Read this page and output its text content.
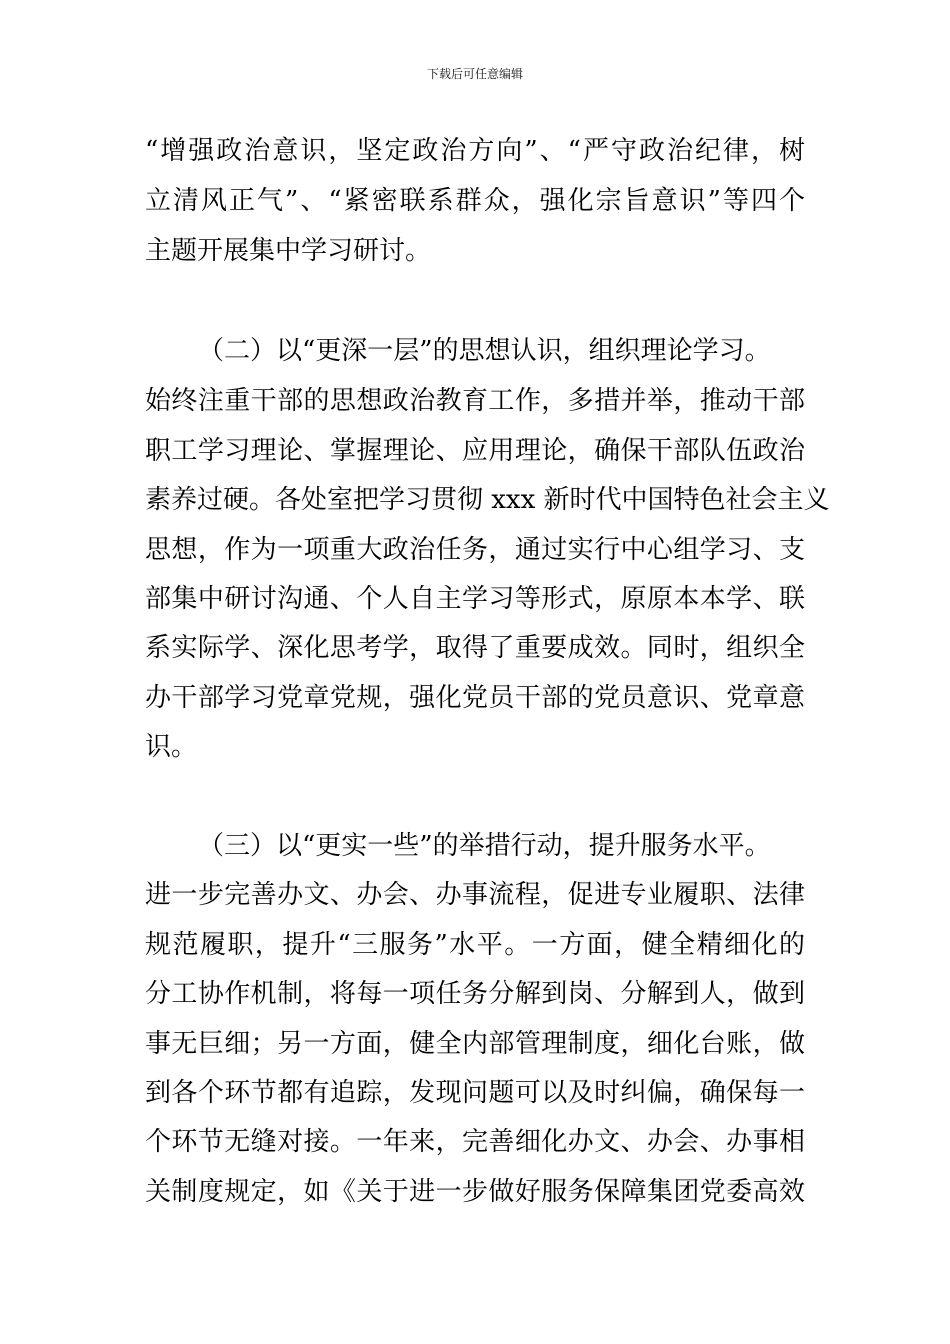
下载后可任意编辑
“增强政治意识，坚定政治方向”、“严守政治纪律，树
立清风正气”、“紧密联系群众，强化宗旨意识”等四个
主题开展集中学习研讨。
（二）以“更深一层”的思想认识，组织理论学习。
始终注重干部的思想政治教育工作，多措并举，推动干部
职工学习理论、掌握理论、应用理论，确保干部队伍政治
素养过硬。各处室把学习贯彻 xxx 新时代中国特色社会主义
思想，作为一项重大政治任务，通过实行中心组学习、支
部集中研讨沟通、个人自主学习等形式，原原本本学、联
系实际学、深化思考学，取得了重要成效。同时，组织全
办干部学习党章党规，强化党员干部的党员意识、党章意
识。
（三）以“更实一些”的举措行动，提升服务水平。
进一步完善办文、办会、办事流程，促进专业履职、法律
规范履职，提升“三服务”水平。一方面，健全精细化的
分工协作机制，将每一项任务分解到岗、分解到人，做到
事无巨细；另一方面，健全内部管理制度，细化台账，做
到各个环节都有追踪，发现问题可以及时纠偏，确保每一
个环节无缝对接。一年来，完善细化办文、办会、办事相
关制度规定，如《关于进一步做好服务保障集团党委高效
